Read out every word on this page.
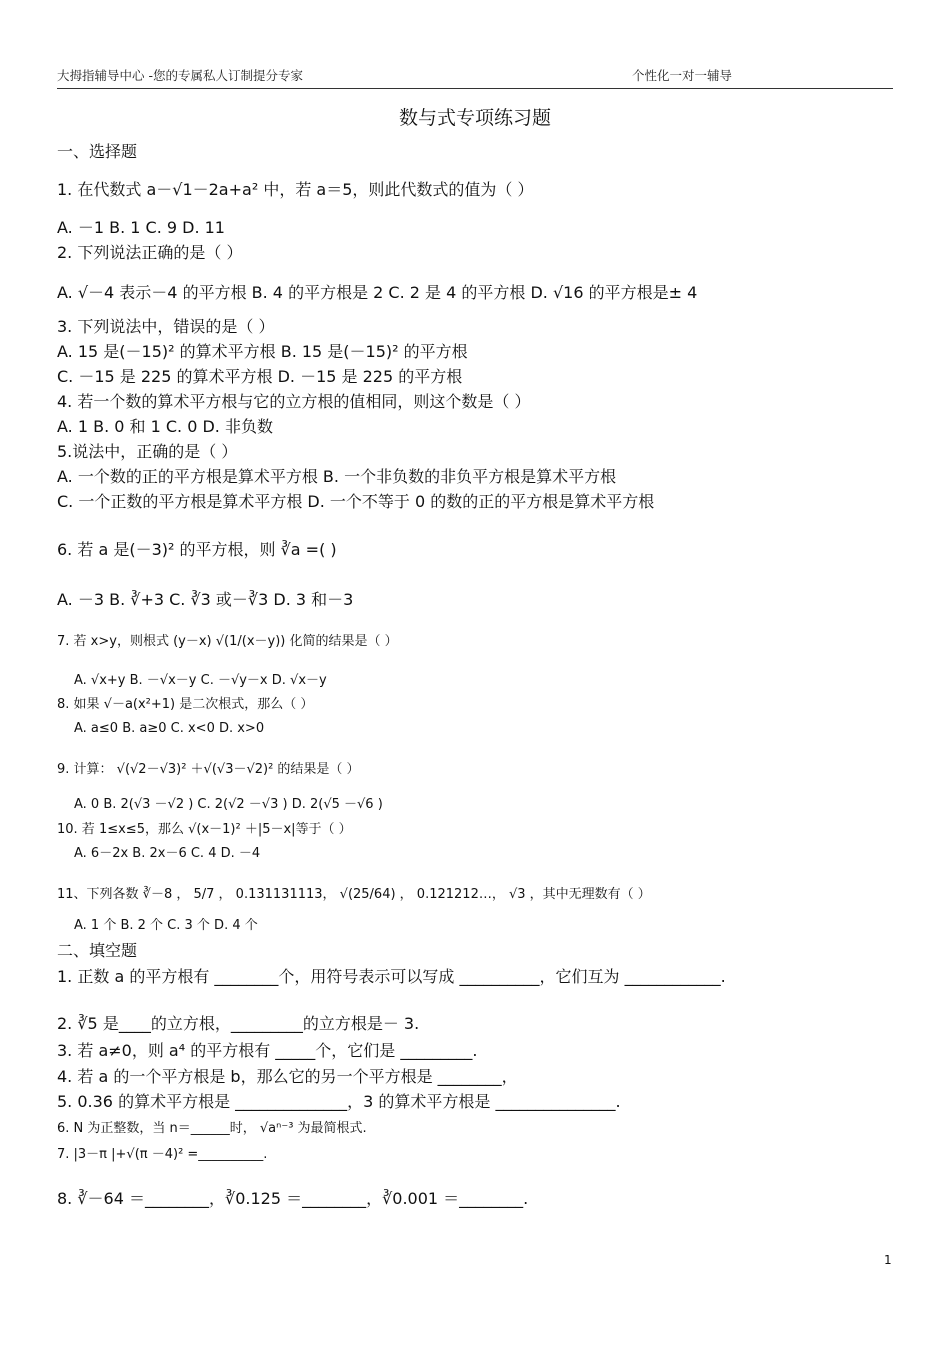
大拇指辅导中心 -您的专属私人订制提分专家	个性化一对一辅导
数与式专项练习题
一、选择题
二、填空题
1. 在代数式 a－√1－2a+a² 中，若 a＝5，则此代数式的值为（ ）
A. －1 B. 1 C. 9 D. 11
2. 下列说法正确的是（ ）
A. √－4 表示－4 的平方根 B. 4 的平方根是 2 C. 2 是 4 的平方根 D. √16 的平方根是± 4
3. 下列说法中，错误的是（ ）
A. 15 是(－15)² 的算术平方根 B. 15 是(－15)² 的平方根
C. －15 是 225 的算术平方根 D. －15 是 225 的平方根
4. 若一个数的算术平方根与它的立方根的值相同，则这个数是（ ）
A. 1 B. 0 和 1 C. 0 D. 非负数
5.说法中，正确的是（ ）
A. 一个数的正的平方根是算术平方根 B. 一个非负数的非负平方根是算术平方根
C. 一个正数的平方根是算术平方根 D. 一个不等于 0 的数的正的平方根是算术平方根
6. 若 a 是(－3)² 的平方根，则 ∛a =( )
A. －3 B. ∛+3 C. ∛3 或－∛3 D. 3 和－3
7. 若 x>y，则根式 (y－x) √(1/(x－y)) 化简的结果是（ ）
A. √x+y B. －√x－y C. －√y－x D. √x－y
8. 如果 √－a(x²+1) 是二次根式，那么（ ）
A. a≤0 B. a≥0 C. x<0 D. x>0
9. 计算： √(√2－√3)² ＋√(√3－√2)² 的结果是（ ）
A. 0 B. 2(√3 －√2 ) C. 2(√2 －√3 ) D. 2(√5 －√6 )
10. 若 1≤x≤5，那么 √(x－1)² ＋|5－x|等于（ ）
A. 6－2x B. 2x－6 C. 4 D. －4
11、下列各数 ∛－8 ， 5/7 ， 0.131131113， √(25/64) ， 0.121212…， √3 ，其中无理数有（ ）
A. 1 个 B. 2 个 C. 3 个 D. 4 个
1. 正数 a 的平方根有 ________个，用符号表示可以写成 __________，它们互为 ____________.
2. ∛5 是____的立方根，_________的立方根是－ 3.
3. 若 a≠0，则 a⁴ 的平方根有 _____个，它们是 _________.
4. 若 a 的一个平方根是 b，那么它的另一个平方根是 ________，
5. 0.36 的算术平方根是 ______________，3 的算术平方根是 _______________.
6. N 为正整数，当 n＝______时， √aⁿ⁻³ 为最简根式.
7. |3－π |+√(π －4)² =__________.
8. ∛－64 ＝________，∛0.125 ＝________，∛0.001 ＝________.
1
